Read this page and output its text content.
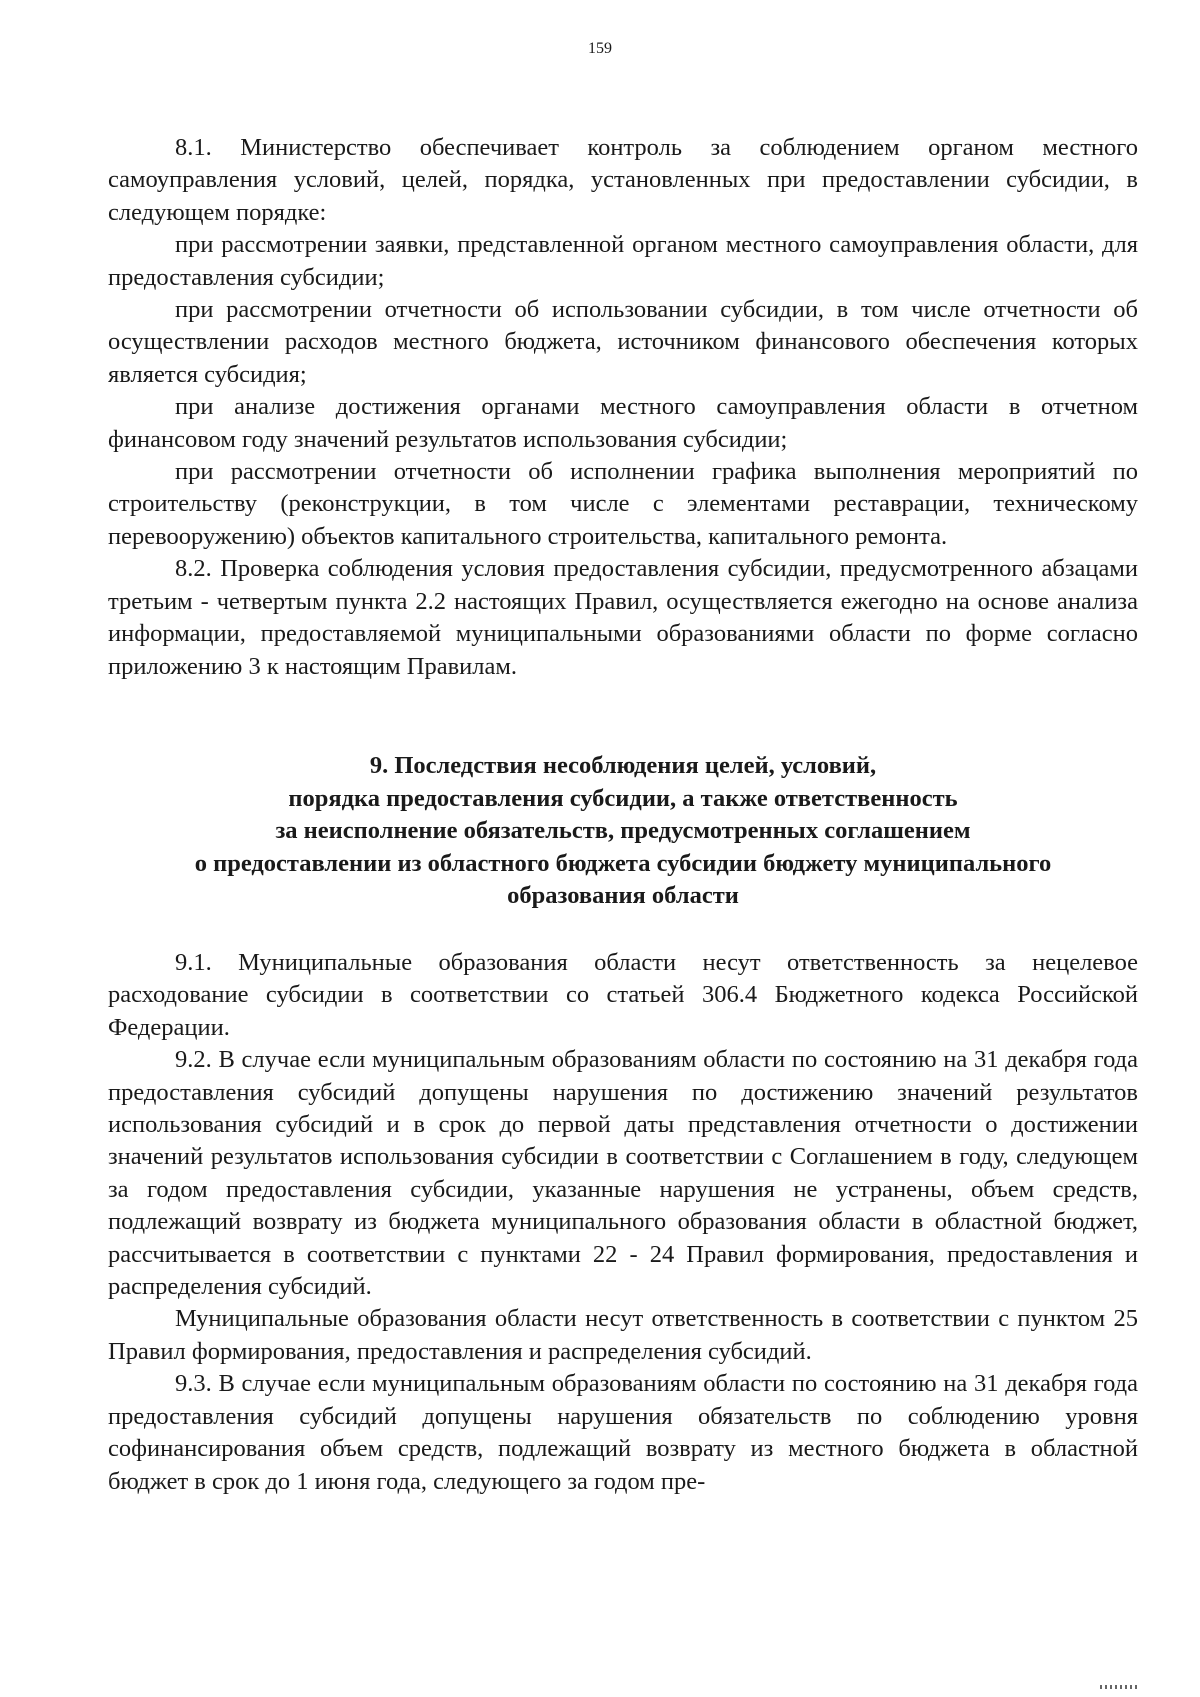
159

8.1. Министерство обеспечивает контроль за соблюдением органом местного самоуправления условий, целей, порядка, установленных при предоставлении субсидии, в следующем порядке:

при рассмотрении заявки, представленной органом местного самоуправления области, для предоставления субсидии;

при рассмотрении отчетности об использовании субсидии, в том числе отчетности об осуществлении расходов местного бюджета, источником финансового обеспечения которых является субсидия;

при анализе достижения органами местного самоуправления области в отчетном финансовом году значений результатов использования субсидии;

при рассмотрении отчетности об исполнении графика выполнения мероприятий по строительству (реконструкции, в том числе с элементами реставрации, техническому перевооружению) объектов капитального строительства, капитального ремонта.

8.2. Проверка соблюдения условия предоставления субсидии, предусмотренного абзацами третьим - четвертым пункта 2.2 настоящих Правил, осуществляется ежегодно на основе анализа информации, предоставляемой муниципальными образованиями области по форме согласно приложению 3 к настоящим Правилам.

9. Последствия несоблюдения целей, условий,
порядка предоставления субсидии, а также ответственность
за неисполнение обязательств, предусмотренных соглашением
о предоставлении из областного бюджета субсидии бюджету муниципального
образования области

9.1. Муниципальные образования области несут ответственность за нецелевое расходование субсидии в соответствии со статьей 306.4 Бюджетного кодекса Российской Федерации.

9.2. В случае если муниципальным образованиям области по состоянию на 31 декабря года предоставления субсидий допущены нарушения по достижению значений результатов использования субсидий и в срок до первой даты представления отчетности о достижении значений результатов использования субсидии в соответствии с Соглашением в году, следующем за годом предоставления субсидии, указанные нарушения не устранены, объем средств, подлежащий возврату из бюджета муниципального образования области в областной бюджет, рассчитывается в соответствии с пунктами 22 - 24 Правил формирования, предоставления и распределения субсидий.

Муниципальные образования области несут ответственность в соответствии с пунктом 25 Правил формирования, предоставления и распределения субсидий.

9.3. В случае если муниципальным образованиям области по состоянию на 31 декабря года предоставления субсидий допущены нарушения обязательств по соблюдению уровня софинансирования объем средств, подлежащий возврату из местного бюджета в областной бюджет в срок до 1 июня года, следующего за годом пре-
